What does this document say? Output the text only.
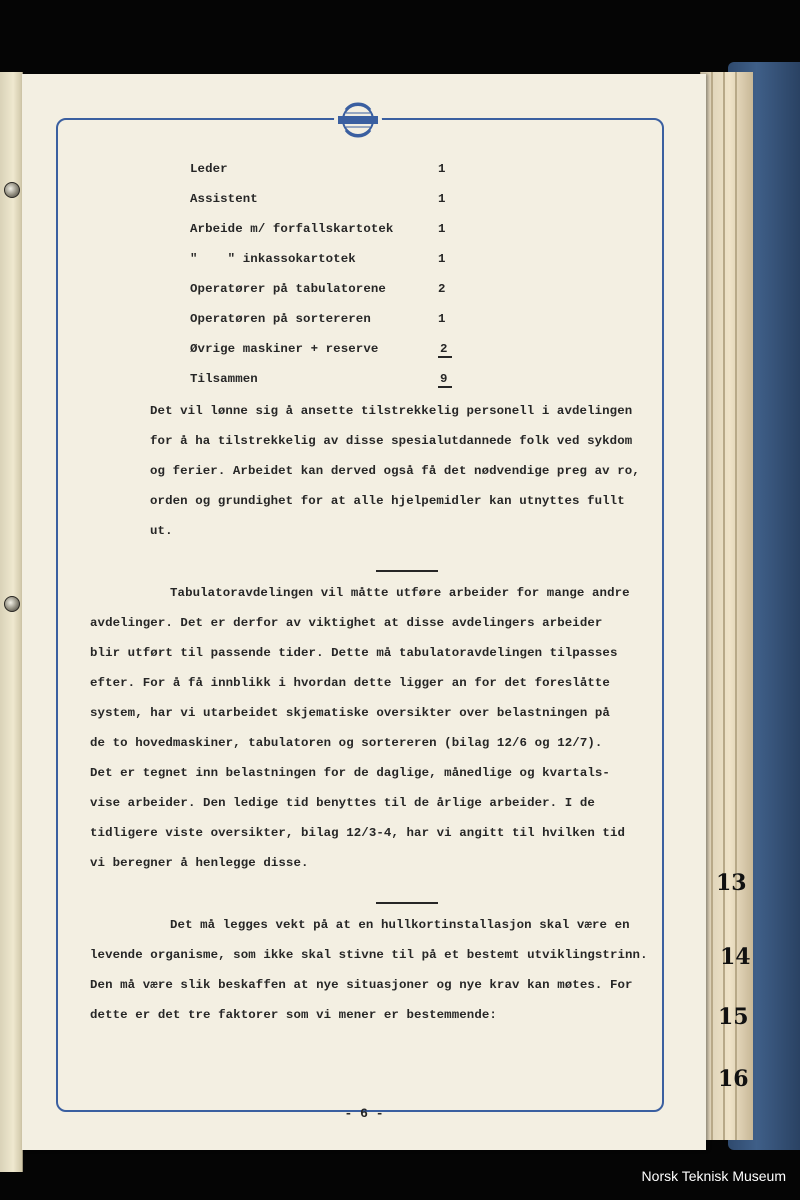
13
14
15
16
Leder	1
Assistent	1
Arbeide m/ forfallskartotek	1
"    " inkassokartotek	1
Operatører på tabulatorene	2
Operatøren på sortereren	1
Øvrige maskiner + reserve	2
Tilsammen	9
Det vil lønne sig å ansette tilstrekkelig personell i avdelingen
for å ha tilstrekkelig av disse spesialutdannede folk ved sykdom
og ferier. Arbeidet kan derved også få det nødvendige preg av ro,
orden og grundighet for at alle hjelpemidler kan utnyttes fullt
ut.
Tabulatoravdelingen vil måtte utføre arbeider for mange andre
avdelinger. Det er derfor av viktighet at disse avdelingers arbeider
blir utført til passende tider. Dette må tabulatoravdelingen tilpasses
efter. For å få innblikk i hvordan dette ligger an for det foreslåtte
system, har vi utarbeidet skjematiske oversikter over belastningen på
de to hovedmaskiner, tabulatoren og sortereren (bilag 12/6 og 12/7).
Det er tegnet inn belastningen for de daglige, månedlige og kvartals-
vise arbeider. Den ledige tid benyttes til de årlige arbeider. I de
tidligere viste oversikter, bilag 12/3-4, har vi angitt til hvilken tid
vi beregner å henlegge disse.
Det må legges vekt på at en hullkortinstallasjon skal være en
levende organisme, som ikke skal stivne til på et bestemt utviklingstrinn.
Den må være slik beskaffen at nye situasjoner og nye krav kan møtes. For
dette er det tre faktorer som vi mener er bestemmende:
- 6 -
Norsk Teknisk Museum
